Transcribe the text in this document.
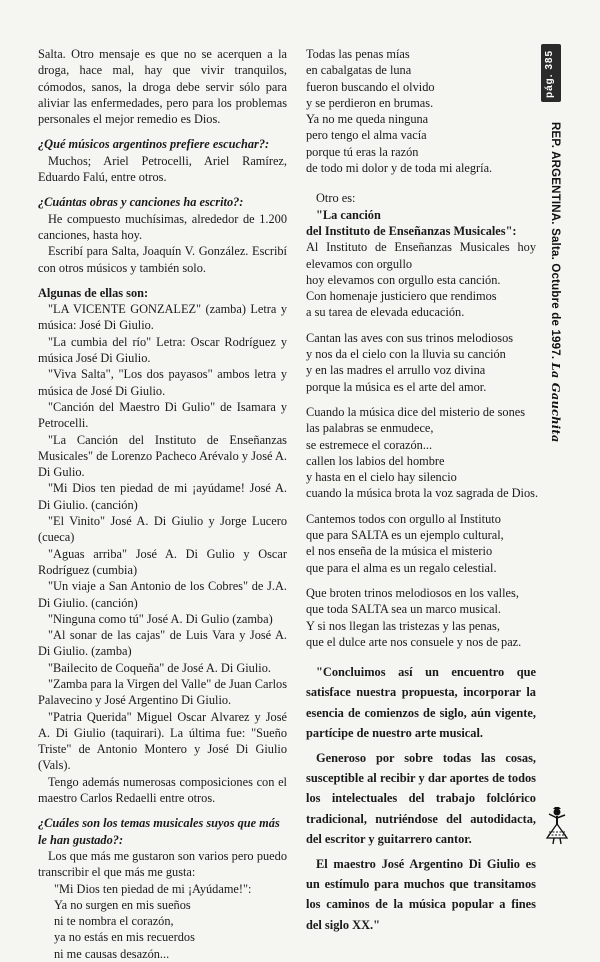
Salta. Otro mensaje es que no se acerquen a la droga, hace mal, hay que vivir tranquilos, cómodos, sanos, la droga debe servir sólo para aliviar las enfermedades, pero para los problemas personales el mejor remedio es Dios.

¿Qué músicos argentinos prefiere escuchar?:

Muchos; Ariel Petrocelli, Ariel Ramírez, Eduardo Falú, entre otros.

¿Cuántas obras y canciones ha escrito?:

He compuesto muchísimas, alrededor de 1.200 canciones, hasta hoy.

Escribí para Salta, Joaquín V. González. Escribí con otros músicos y también solo.

Algunas de ellas son:

"LA VICENTE GONZALEZ" (zamba) Letra y música: José Di Giulio.

"La cumbia del río" Letra: Oscar Rodríguez y música José Di Giulio.

"Viva Salta", "Los dos payasos" ambos letra y música de José Di Giulio.

"Canción del Maestro Di Gulio" de Isamara y Petrocelli.

"La Canción del Instituto de Enseñanzas Musicales" de Lorenzo Pacheco Arévalo y José A. Di Gulio.

"Mi Dios ten piedad de mi ¡ayúdame! José A. Di Giulio. (canción)

"El Vinito" José A. Di Giulio y Jorge Lucero (cueca)

"Aguas arriba" José A. Di Gulio y Oscar Rodríguez (cumbia)

"Un viaje a San Antonio de los Cobres" de J.A. Di Giulio. (canción)

"Ninguna como tú" José A. Di Gulio (zamba)

"Al sonar de las cajas" de Luis Vara y José A. Di Giulio. (zamba)

"Bailecito de Coqueña" de José A. Di Giulio.

"Zamba para la Virgen del Valle" de Juan Carlos Palavecino y José Argentino Di Giulio.

"Patria Querida" Miguel Oscar Alvarez y José A. Di Giulio (taquirari). La última fue: "Sueño Triste" de Antonio Montero y José Di Giulio (Vals).

Tengo además numerosas composiciones con el maestro Carlos Redaelli entre otros.

¿Cuáles son los temas musicales suyos que más le han gustado?:

Los que más me gustaron son varios pero puedo transcribir el que más me gusta:

"Mi Dios ten piedad de mi ¡Ayúdame!":

Ya no surgen en mis sueños

ni te nombra el corazón,

ya no estás en mis recuerdos

ni me causas desazón...

Todas las penas mías

en cabalgatas de luna

fueron buscando el olvido

y se perdieron en brumas.

Ya no me queda ninguna

pero tengo el alma vacía

porque tú eras la razón

de todo mi dolor y de toda mi alegría.

Otro es:

"La canción

del Instituto de Enseñanzas Musicales":

Al Instituto de Enseñanzas Musicales hoy elevamos con orgullo

hoy elevamos con orgullo esta canción.

Con homenaje justiciero que rendimos

a su tarea de elevada educación.

Cantan las aves con sus trinos melodiosos

y nos da el cielo con la lluvia su canción

y en las madres el arrullo voz divina

porque la música es el arte del amor.

Cuando la música dice del misterio de sones

las palabras se enmudece,

se estremece el corazón...

callen los labios del hombre

y hasta en el cielo hay silencio

cuando la música brota la voz sagrada de Dios.

Cantemos todos con orgullo al Instituto

que para SALTA es un ejemplo cultural,

el nos enseña de la música el misterio

que para el alma es un regalo celestial.

Que broten trinos melodiosos en los valles,

que toda SALTA sea un marco musical.

Y si nos llegan las tristezas y las penas,

que el dulce arte nos consuele y nos de paz.

"Concluimos así un encuentro que satisface nuestra propuesta, incorporar la esencia de comienzos de siglo, aún vigente, partícipe de nuestro arte musical.

Generoso por sobre todas las cosas, susceptible al recibir y dar aportes de todos los intelectuales del trabajo folclórico tradicional, nutriéndose del autodidacta, del escritor y guitarrero cantor.

El maestro José Argentino Di Giulio es un estímulo para muchos que transitamos los caminos de la música popular a fines del siglo XX."

pág. 385
REP. ARGENTINA. Salta. Octubre de 1997. La Gauchita
